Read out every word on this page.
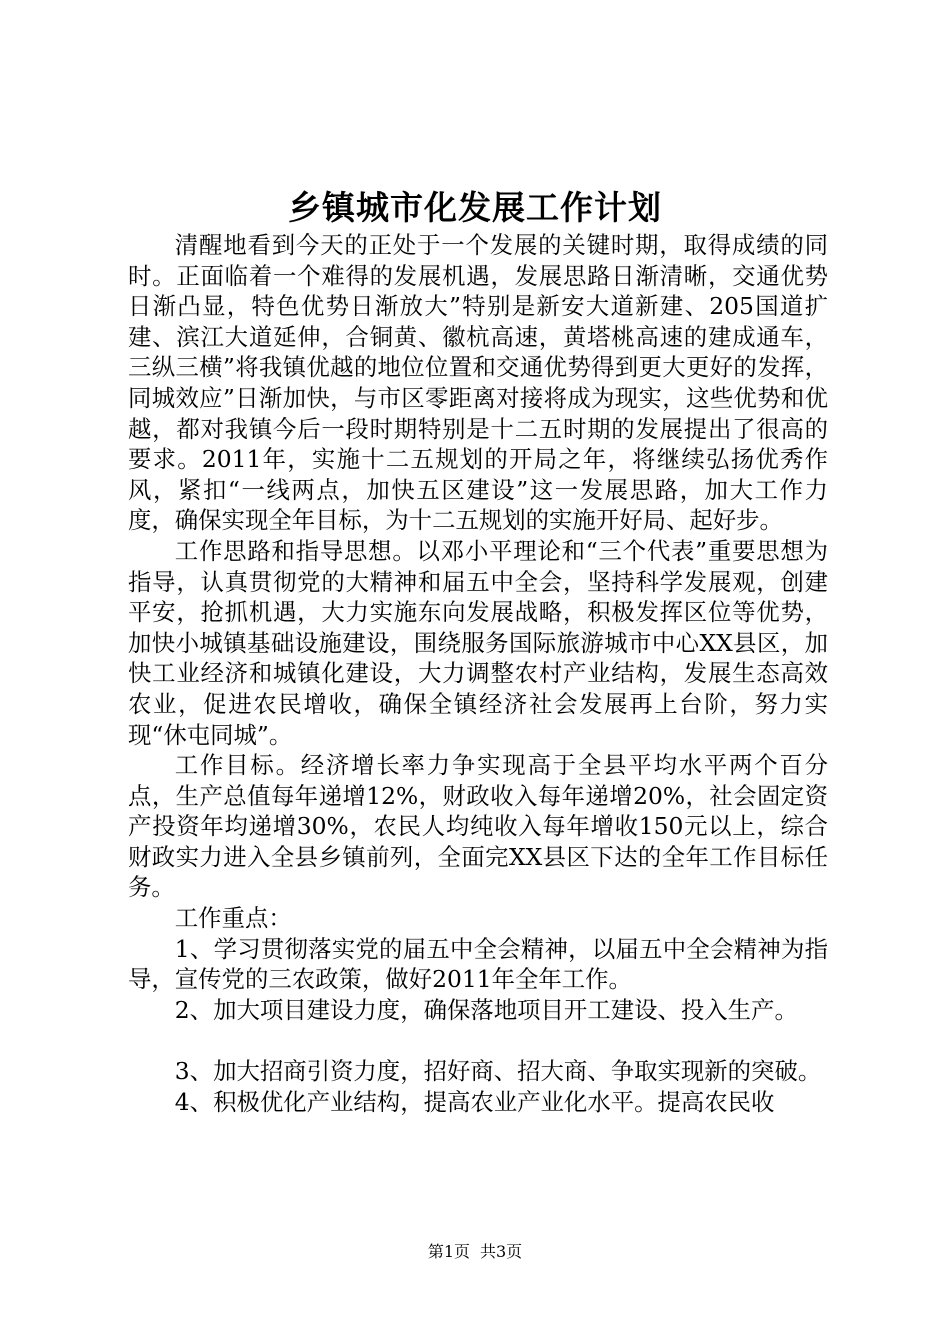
乡镇城市化发展工作计划

清醒地看到今天的正处于一个发展的关键时期，取得成绩的同时。正面临着一个难得的发展机遇，发展思路日渐清晰，交通优势日渐凸显，特色优势日渐放大”特别是新安大道新建、205国道扩建、滨江大道延伸，合铜黄、徽杭高速，黄塔桃高速的建成通车，三纵三横”将我镇优越的地位位置和交通优势得到更大更好的发挥，同城效应”日渐加快，与市区零距离对接将成为现实，这些优势和优越，都对我镇今后一段时期特别是十二五时期的发展提出了很高的要求。2011年，实施十二五规划的开局之年，将继续弘扬优秀作风，紧扣“一线两点，加快五区建设”这一发展思路，加大工作力度，确保实现全年目标，为十二五规划的实施开好局、起好步。

工作思路和指导思想。以邓小平理论和“三个代表”重要思想为指导，认真贯彻党的大精神和届五中全会，坚持科学发展观，创建平安，抢抓机遇，大力实施东向发展战略，积极发挥区位等优势，加快小城镇基础设施建设，围绕服务国际旅游城市中心XX县区，加快工业经济和城镇化建设，大力调整农村产业结构，发展生态高效农业，促进农民增收，确保全镇经济社会发展再上台阶，努力实现“休屯同城”。

工作目标。经济增长率力争实现高于全县平均水平两个百分点，生产总值每年递增12%，财政收入每年递增20%，社会固定资产投资年均递增30%，农民人均纯收入每年增收150元以上，综合财政实力进入全县乡镇前列，全面完XX县区下达的全年工作目标任务。

工作重点：

1、学习贯彻落实党的届五中全会精神，以届五中全会精神为指导，宣传党的三农政策，做好2011年全年工作。

2、加大项目建设力度，确保落地项目开工建设、投入生产。

3、加大招商引资力度，招好商、招大商、争取实现新的突破。

4、积极优化产业结构，提高农业产业化水平。提高农民收

第1页 共3页
